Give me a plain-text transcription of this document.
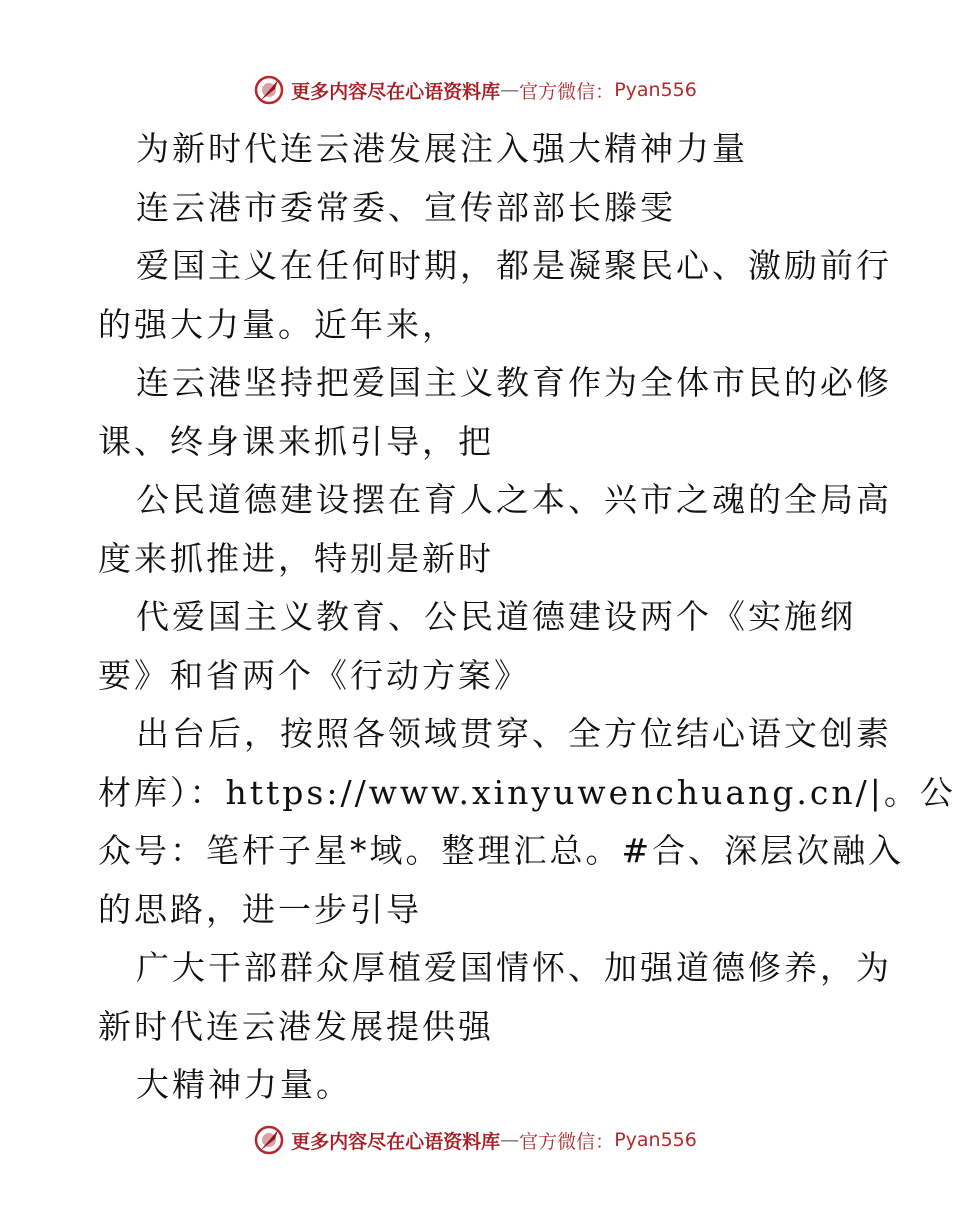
更多内容尽在心语资料库 — 官方微信： Pyan556

为新时代连云港发展注入强大精神力量

连云港市委常委、宣传部部长滕雯

爱国主义在任何时期，都是凝聚民心、激励前行

的强大力量。近年来，

连云港坚持把爱国主义教育作为全体市民的必修

课、终身课来抓引导，把

公民道德建设摆在育人之本、兴市之魂的全局高

度来抓推进，特别是新时

代爱国主义教育、公民道德建设两个《实施纲

要》和省两个《行动方案》

出台后，按照各领域贯穿、全方位结心语文创素

材库）：https://www.xinyuwenchuang.cn/|。公

众号：笔杆子星*域。整理汇总。#合、深层次融入

的思路，进一步引导

广大干部群众厚植爱国情怀、加强道德修养，为

新时代连云港发展提供强

大精神力量。

更多内容尽在心语资料库 — 官方微信： Pyan556
